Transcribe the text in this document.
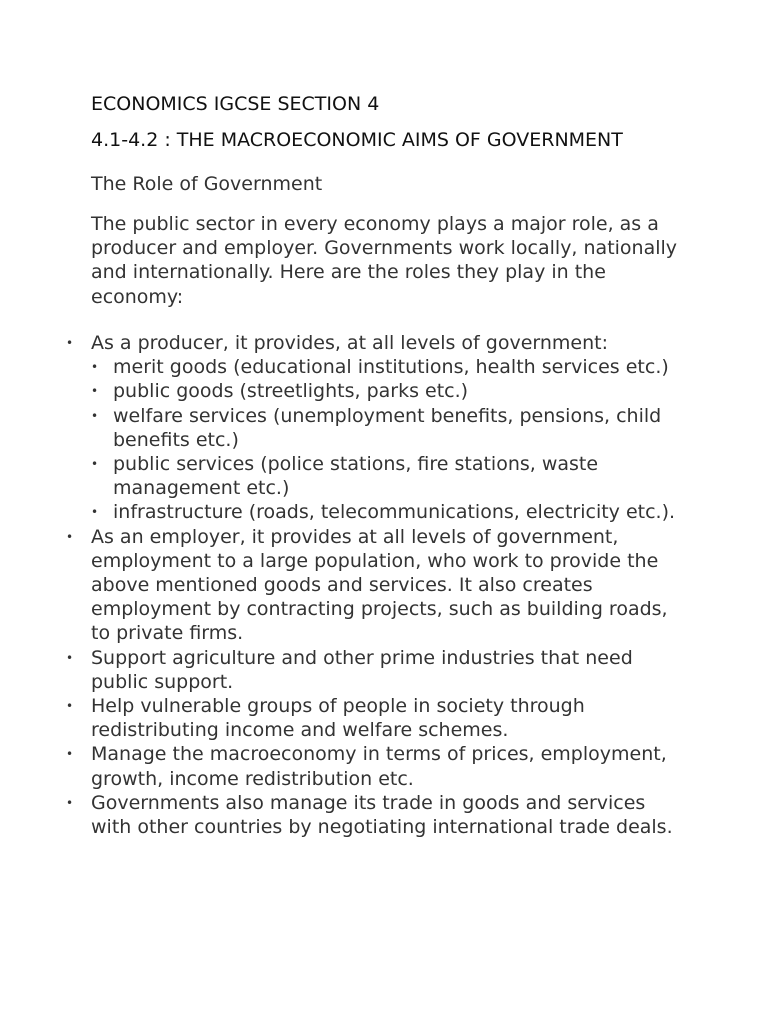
ECONOMICS IGCSE SECTION 4
4.1-4.2 : THE MACROECONOMIC AIMS OF GOVERNMENT
The Role of Government

The public sector in every economy plays a major role, as a producer and employer. Governments work locally, nationally and internationally. Here are the roles they play in the economy:

• As a producer, it provides, at all levels of government:
• merit goods (educational institutions, health services etc.)
• public goods (streetlights, parks etc.)
• welfare services (unemployment benefits, pensions, child benefits etc.)
• public services (police stations, fire stations, waste management etc.)
• infrastructure (roads, telecommunications, electricity etc.).
• As an employer, it provides at all levels of government, employment to a large population, who work to provide the above mentioned goods and services. It also creates employment by contracting projects, such as building roads, to private firms.
• Support agriculture and other prime industries that need public support.
• Help vulnerable groups of people in society through redistributing income and welfare schemes.
• Manage the macroeconomy in terms of prices, employment, growth, income redistribution etc.
• Governments also manage its trade in goods and services with other countries by negotiating international trade deals.
